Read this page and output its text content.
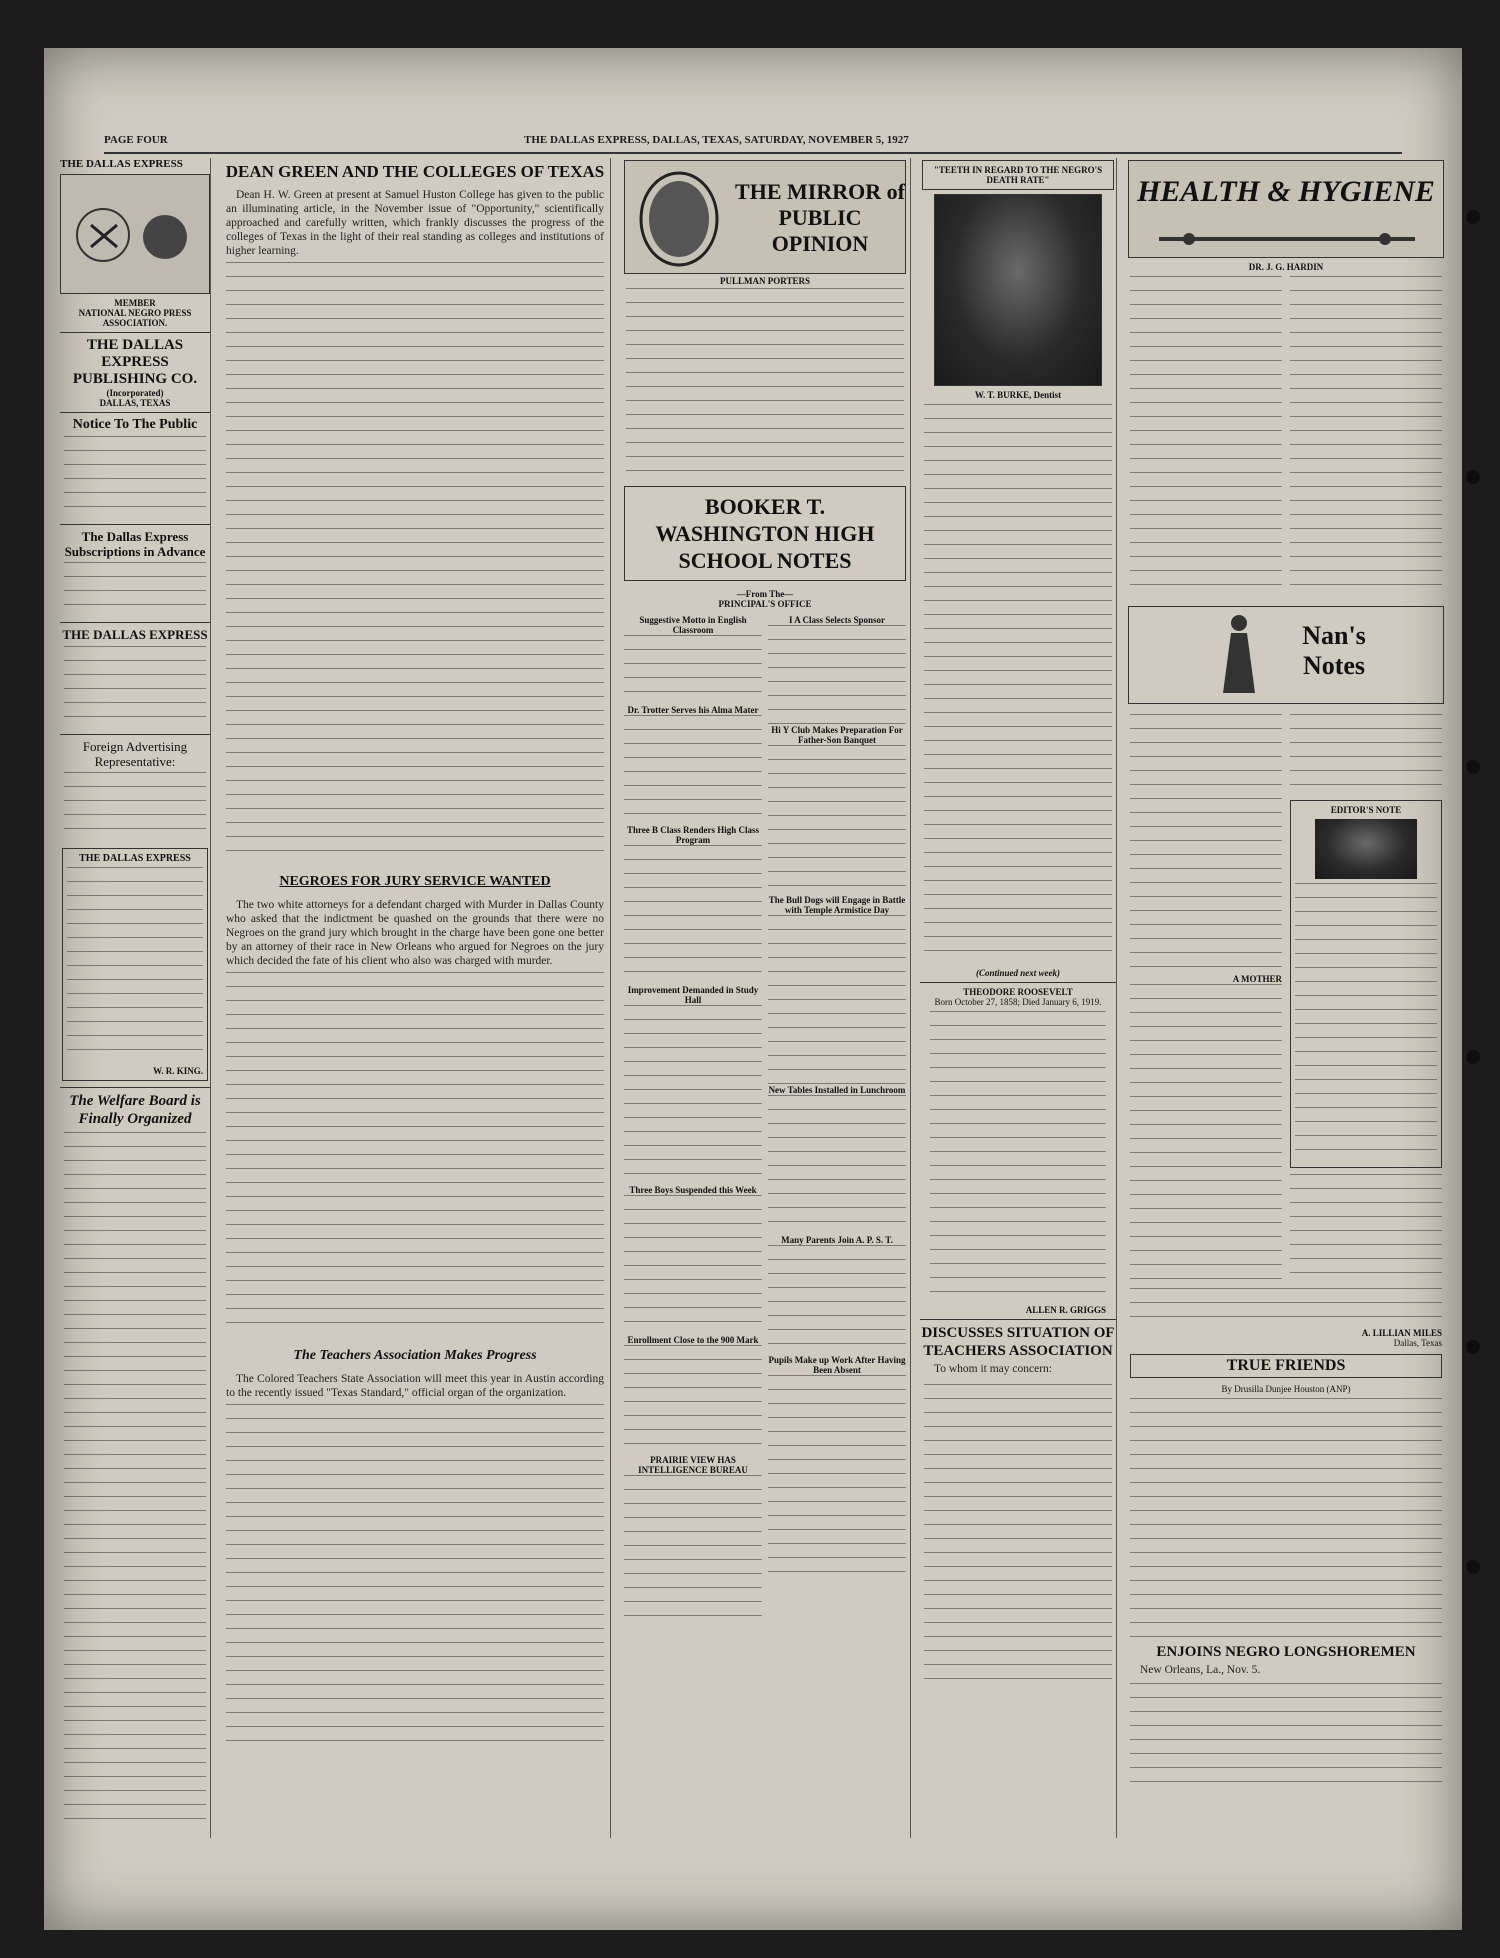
PAGE FOUR	THE DALLAS EXPRESS, DALLAS, TEXAS, SATURDAY, NOVEMBER 5, 1927
THE DALLAS EXPRESS
MEMBER
NATIONAL NEGRO PRESS
ASSOCIATION.
THE DALLAS EXPRESS PUBLISHING CO.
(Incorporated)
DALLAS, TEXAS
Notice To The Public
The Dallas Express Subscriptions in Advance
THE DALLAS EXPRESS
Foreign Advertising Representative:
THE DALLAS EXPRESS
W. R. KING.
The Welfare Board is Finally Organized
DEAN GREEN AND THE COLLEGES OF TEXAS

Dean H. W. Green at present at Samuel Huston College has given to the public an illuminating article, in the November issue of "Opportunity," scientifically approached and carefully written, which frankly discusses the progress of the colleges of Texas in the light of their real standing as colleges and institutions of higher learning.

NEGROES FOR JURY SERVICE WANTED

The two white attorneys for a defendant charged with Murder in Dallas County who asked that the indictment be quashed on the grounds that there were no Negroes on the grand jury which brought in the charge have been gone one better by an attorney of their race in New Orleans who argued for Negroes on the jury which decided the fate of his client who also was charged with murder.

The Teachers Association Makes Progress

The Colored Teachers State Association will meet this year in Austin according to the recently issued "Texas Standard," official organ of the organization.

THE MIRROR of PUBLIC OPINION
PULLMAN PORTERS
BOOKER T. WASHINGTON HIGH SCHOOL NOTES
—From The—
PRINCIPAL'S OFFICE
Suggestive Motto in English Classroom
Dr. Trotter Serves his Alma Mater
Three B Class Renders High Class Program
Improvement Demanded in Study Hall
Three Boys Suspended this Week
Enrollment Close to the 900 Mark
PRAIRIE VIEW HAS INTELLIGENCE BUREAU
I A Class Selects Sponsor
Hi Y Club Makes Preparation For Father-Son Banquet
The Bull Dogs will Engage in Battle with Temple Armistice Day
New Tables Installed in Lunchroom
Many Parents Join A. P. S. T.
Pupils Make up Work After Having Been Absent
"TEETH IN REGARD TO THE NEGRO'S DEATH RATE"
W. T. BURKE, Dentist
(Continued next week)
THEODORE ROOSEVELT
Born October 27, 1858; Died January 6, 1919.
ALLEN R. GRIGGS
DISCUSSES SITUATION OF TEACHERS ASSOCIATION

To whom it may concern:

HEALTH & HYGIENE
DR. J. G. HARDIN
Nan's Notes
A MOTHER
EDITOR'S NOTE
A. LILLIAN MILES
Dallas, Texas
TRUE FRIENDS
By Drusilla Dunjee Houston (ANP)
ENJOINS NEGRO LONGSHOREMEN

New Orleans, La., Nov. 5.
